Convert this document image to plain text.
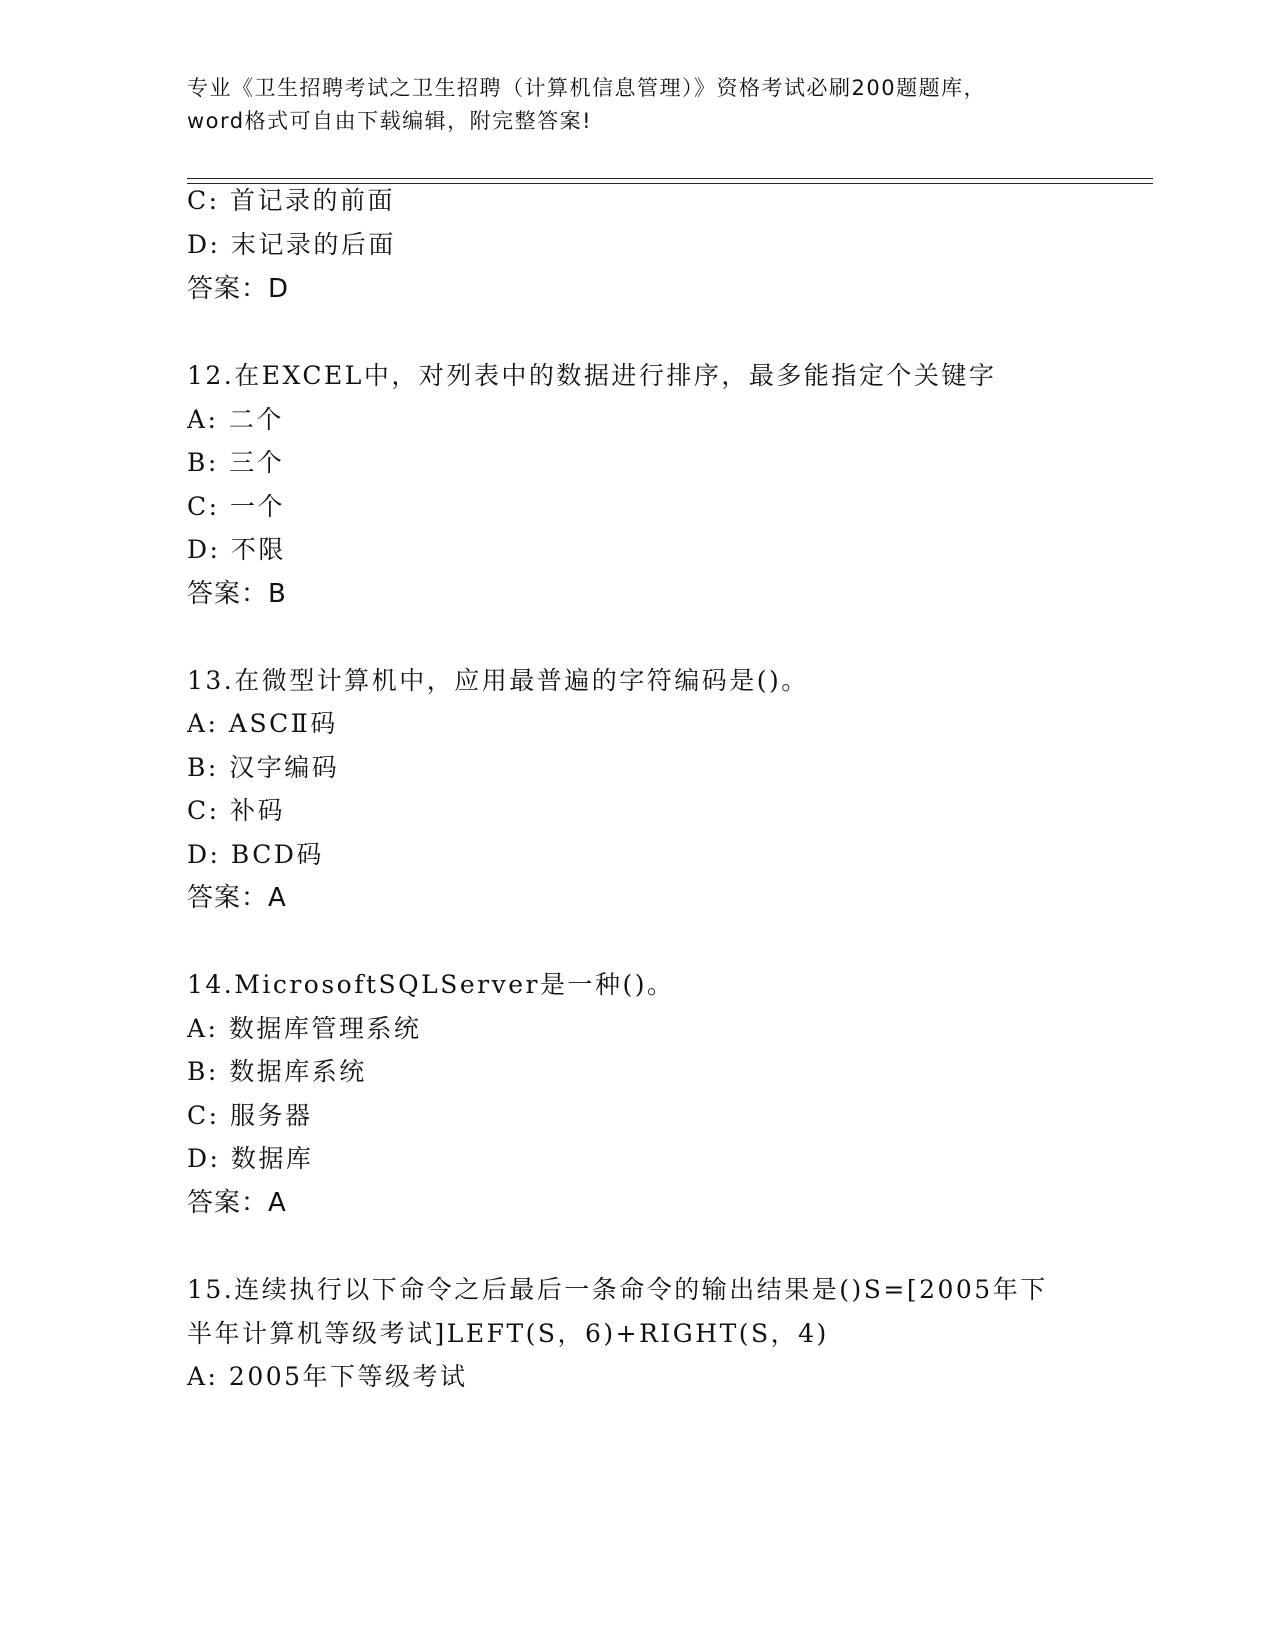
专业《卫生招聘考试之卫生招聘（计算机信息管理）》资格考试必刷200题题库，
word格式可自由下载编辑，附完整答案!
C: 首记录的前面
D: 末记录的后面
答案：D
12.在EXCEL中，对列表中的数据进行排序，最多能指定个关键字
A: 二个
B: 三个
C: 一个
D: 不限
答案：B
13.在微型计算机中，应用最普遍的字符编码是()。
A: ASCⅡ码
B: 汉字编码
C: 补码
D: BCD码
答案：A
14.MicrosoftSQLServer是一种()。
A: 数据库管理系统
B: 数据库系统
C: 服务器
D: 数据库
答案：A
15.连续执行以下命令之后最后一条命令的输出结果是()S=[2005年下
半年计算机等级考试]LEFT(S，6)+RIGHT(S，4)
A: 2005年下等级考试
